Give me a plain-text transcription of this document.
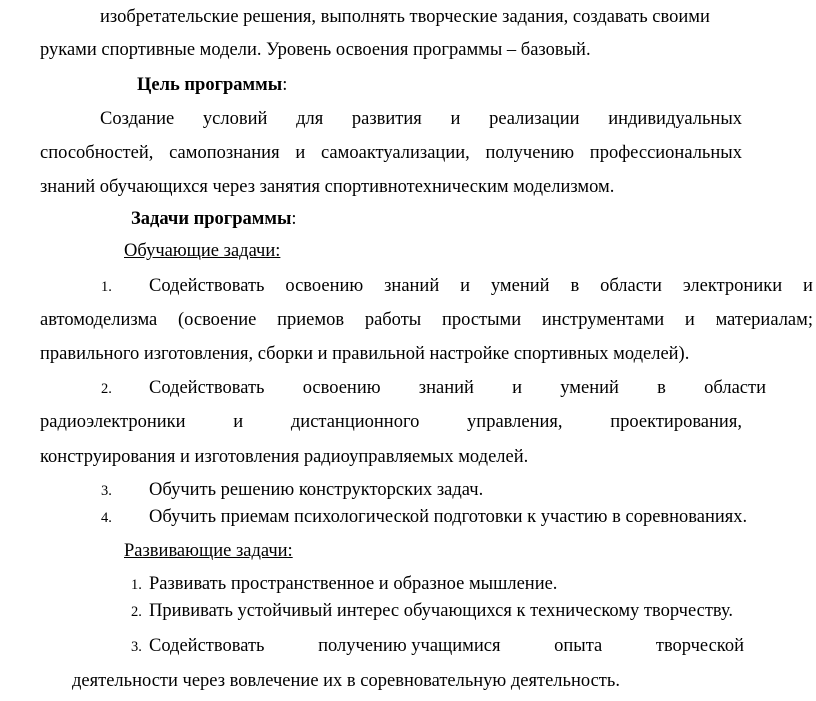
изобретательские решения, выполнять творческие задания, создавать своими
руками спортивные модели. Уровень освоения программы – базовый.
Цель программы:
Создание условий для развития и реализации индивидуальных
способностей, самопознания и самоактуализации, получению профессиональных
знаний обучающихся через занятия спортивнотехническим моделизмом.
Задачи программы:
Обучающие задачи:
1. Содействовать освоению знаний и умений в области электроники и
автомоделизма (освоение приемов работы простыми инструментами и материалам;
правильного изготовления, сборки и правильной настройке спортивных моделей).
2. Содействовать освоению знаний и умений в области
радиоэлектроники	и	дистанционного	управления,	проектирования,
конструирования и изготовления радиоуправляемых моделей.
3. Обучить решению конструкторских задач.
4. Обучить приемам психологической подготовки к участию в соревнованиях.
Развивающие задачи:
1. Развивать пространственное и образное мышление.
2. Прививать устойчивый интерес обучающихся к техническому творчеству.
3. Содействовать	получению учащимися	опыта	творческой
деятельности через вовлечение их в соревновательную деятельность.
